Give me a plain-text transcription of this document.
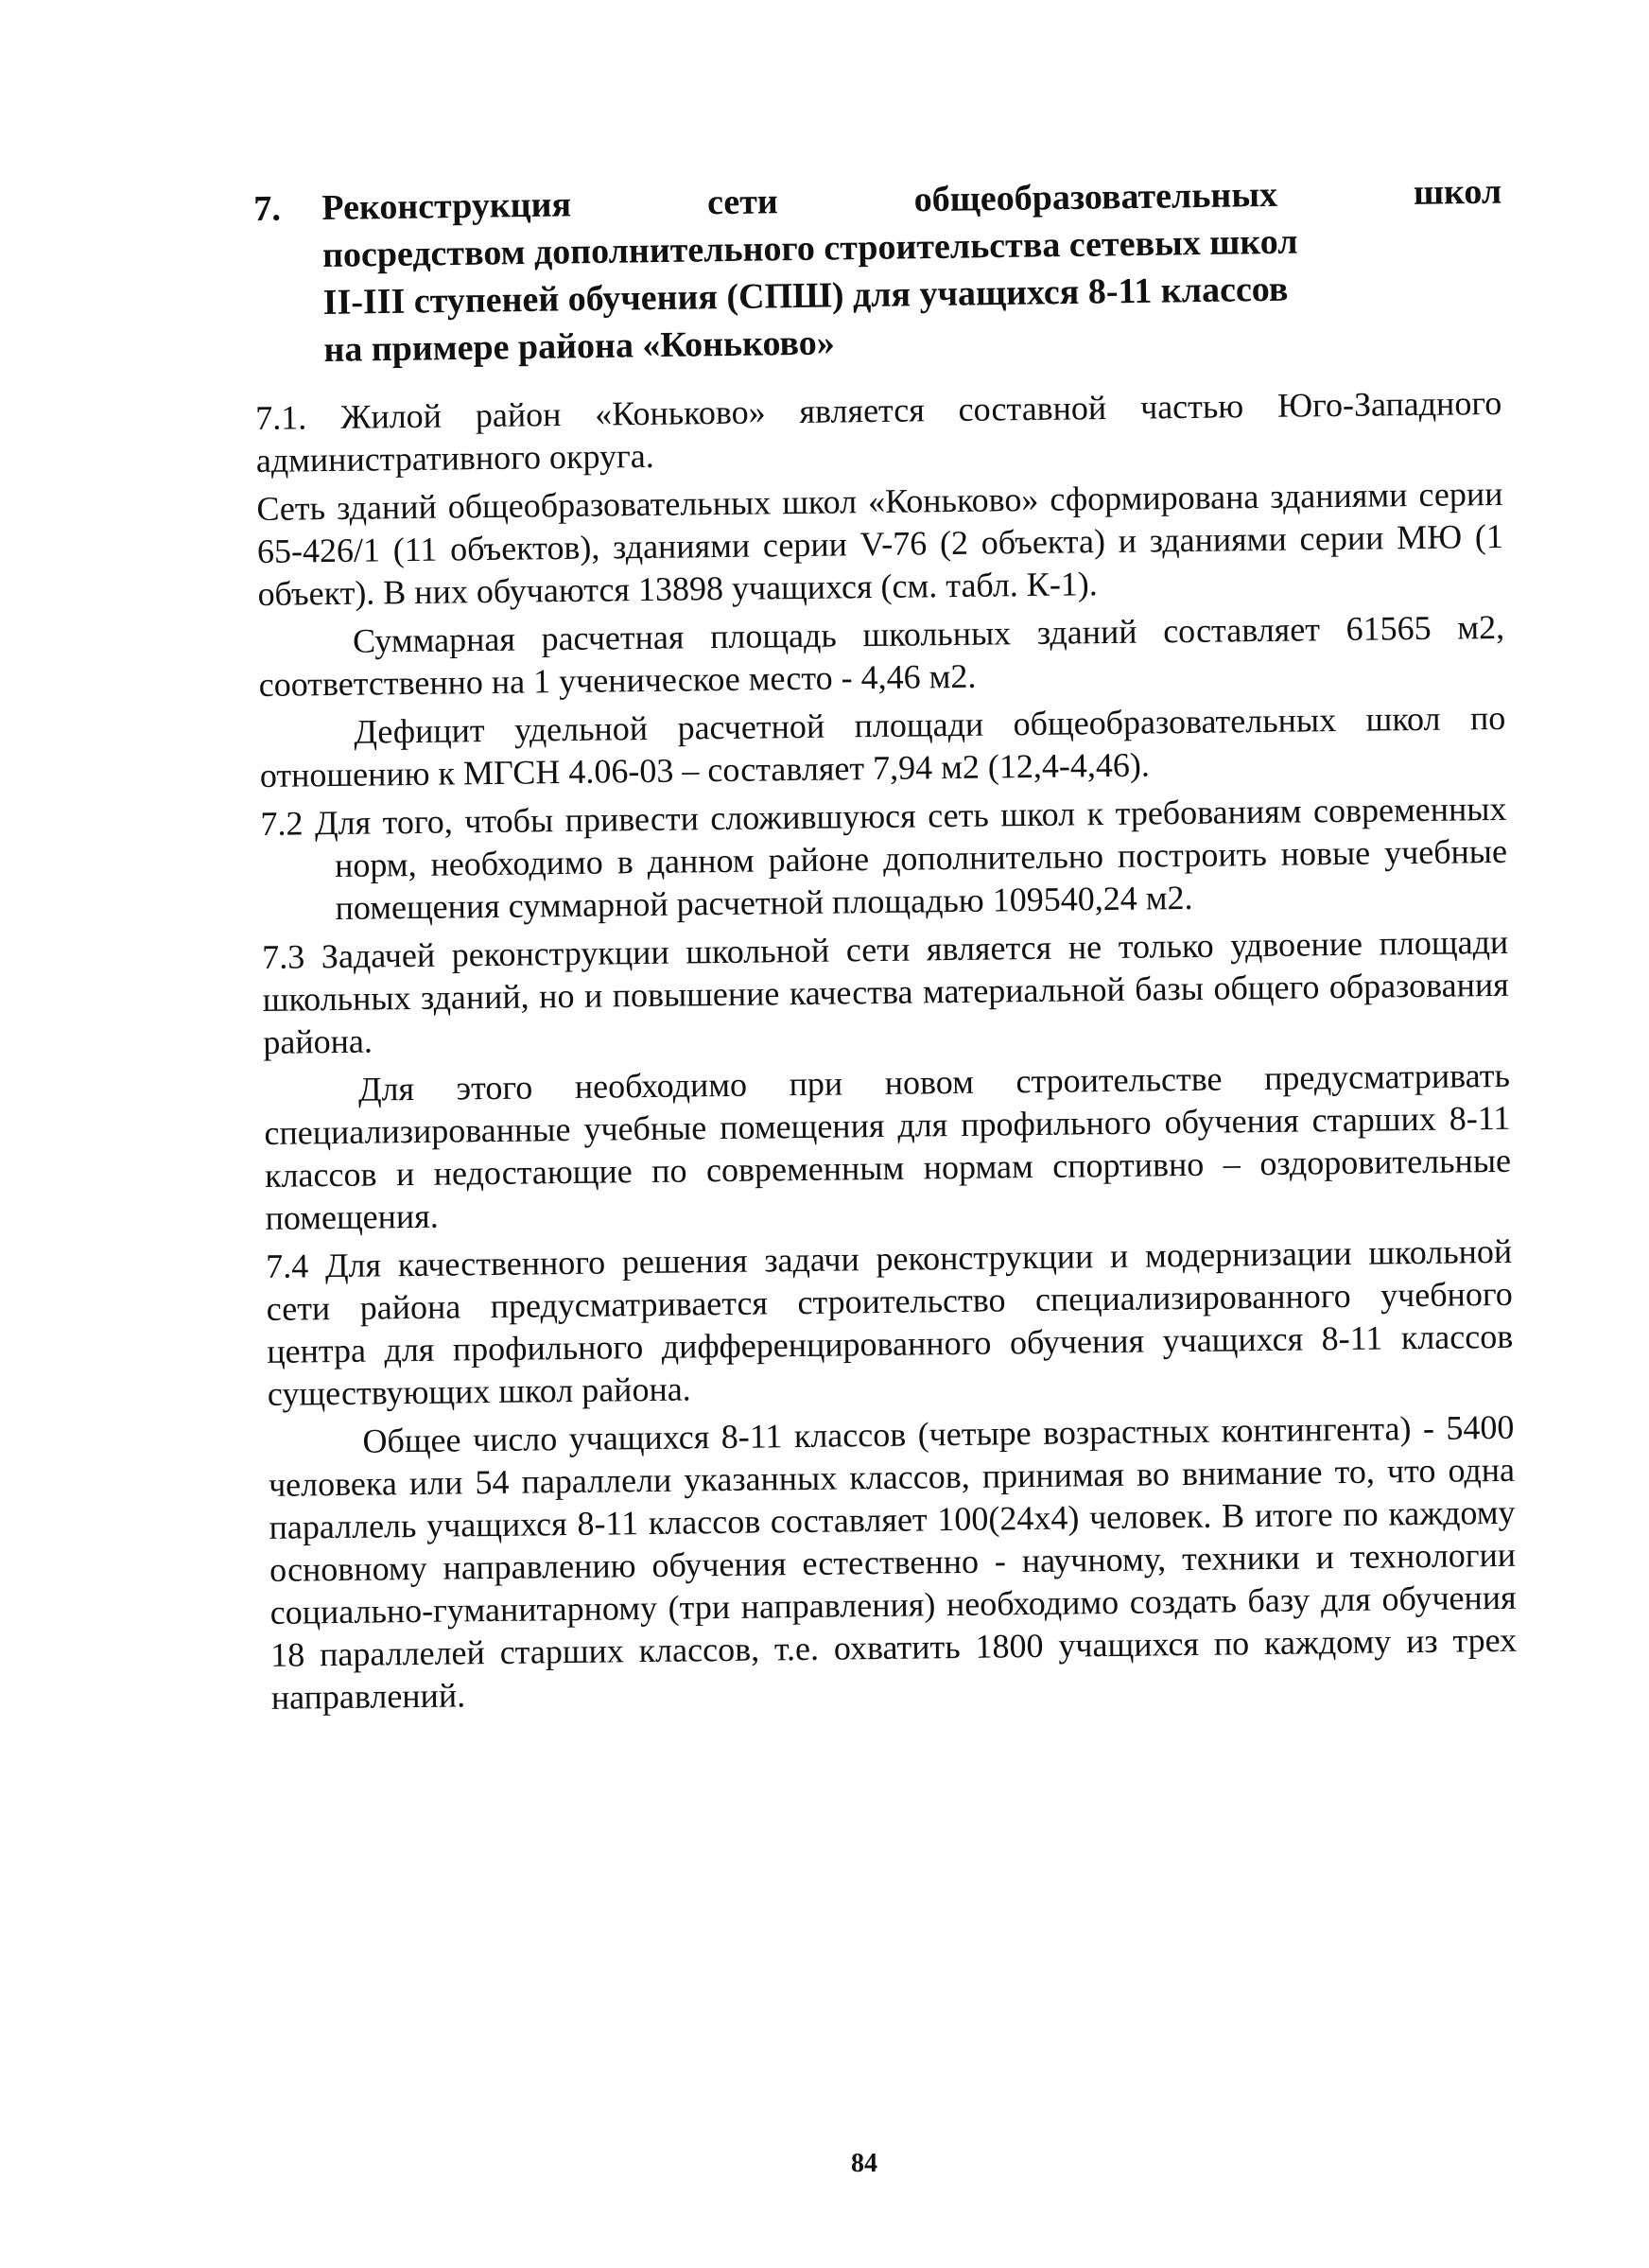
7.	Реконструкция сети общеобразовательных школ
посредством дополнительного строительства сетевых школ
II-III ступеней обучения (СПШ) для учащихся 8-11 классов
на примере района «Коньково»

7.1. Жилой район «Коньково» является составной частью Юго-Западного административного округа.

Сеть зданий общеобразовательных школ «Коньково» сформирована зданиями серии 65-426/1 (11 объектов), зданиями серии V-76 (2 объекта) и зданиями серии МЮ (1 объект). В них обучаются 13898 учащихся (см. табл. К-1).

Суммарная расчетная площадь школьных зданий составляет 61565 м2, соответственно на 1 ученическое место - 4,46 м2.

Дефицит удельной расчетной площади общеобразовательных школ по отношению к МГСН 4.06-03 – составляет 7,94 м2 (12,4-4,46).

7.2 Для того, чтобы привести сложившуюся сеть школ к требованиям современных норм, необходимо в данном районе дополнительно построить новые учебные помещения суммарной расчетной площадью 109540,24 м2.

7.3 Задачей реконструкции школьной сети является не только удвоение площади школьных зданий, но и повышение качества материальной базы общего образования района.

Для этого необходимо при новом строительстве предусматривать специализированные учебные помещения для профильного обучения старших 8-11 классов и недостающие по современным нормам спортивно – оздоровительные помещения.

7.4 Для качественного решения задачи реконструкции и модернизации школьной сети района предусматривается строительство специализированного учебного центра для профильного дифференцированного обучения учащихся 8-11 классов существующих школ района.

Общее число учащихся 8-11 классов (четыре возрастных контингента) - 5400 человека или 54 параллели указанных классов, принимая во внимание то, что одна параллель учащихся 8-11 классов составляет 100(24х4) человек. В итоге по каждому основному направлению обучения естественно - научному, техники и технологии социально-гуманитарному (три направления) необходимо создать базу для обучения 18 параллелей старших классов, т.е. охватить 1800 учащихся по каждому из трех направлений.

84
